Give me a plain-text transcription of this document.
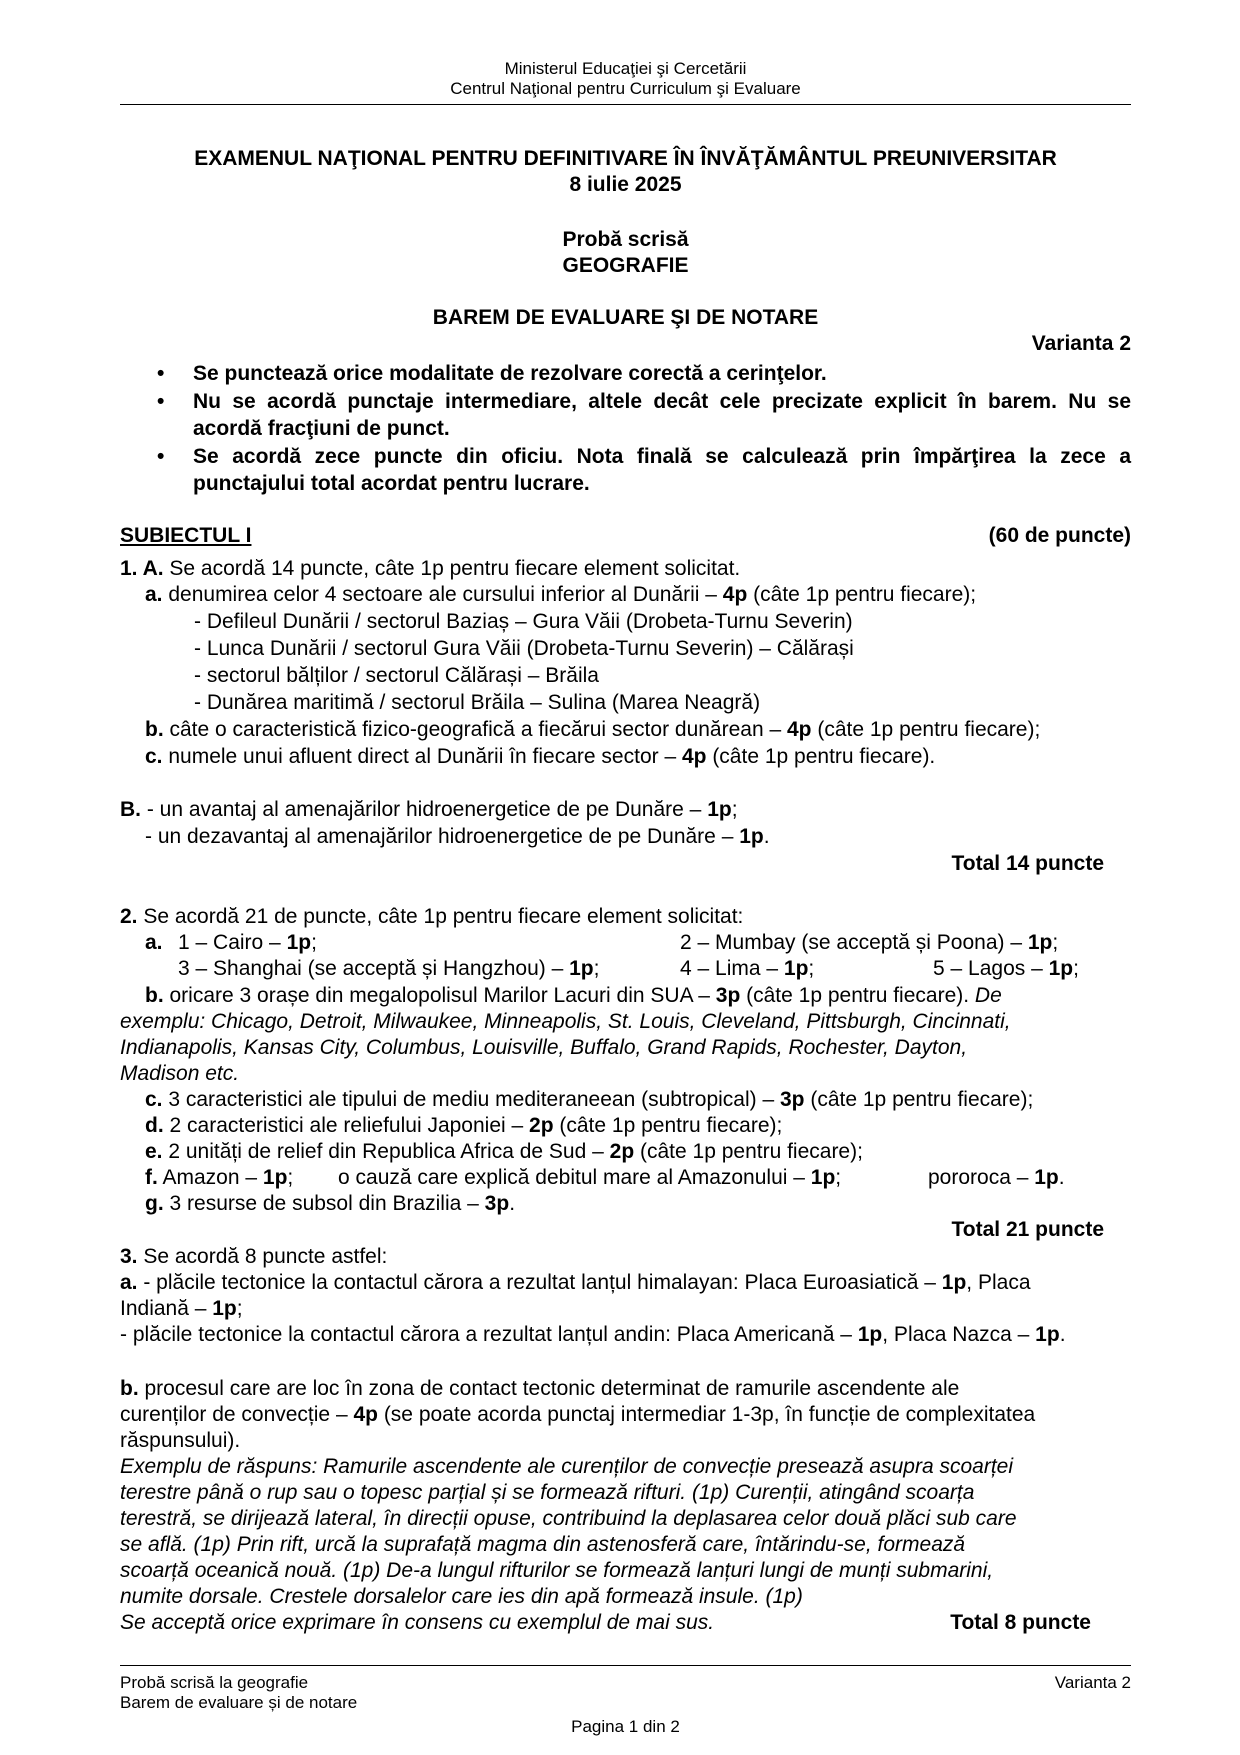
Ministerul Educaţiei şi Cercetării
Centrul Naţional pentru Curriculum şi Evaluare
EXAMENUL NAŢIONAL PENTRU DEFINITIVARE ÎN ÎNVĂŢĂMÂNTUL PREUNIVERSITAR
8 iulie 2025
Probă scrisă
GEOGRAFIE
BAREM DE EVALUARE ŞI DE NOTARE
Varianta 2
• Se punctează orice modalitate de rezolvare corectă a cerinţelor.
• Nu se acordă punctaje intermediare, altele decât cele precizate explicit în barem. Nu se acordă fracţiuni de punct.
• Se acordă zece puncte din oficiu. Nota finală se calculează prin împărţirea la zece a punctajului total acordat pentru lucrare.
SUBIECTUL I	(60 de puncte)
1. A. Se acordă 14 puncte, câte 1p pentru fiecare element solicitat.
a. denumirea celor 4 sectoare ale cursului inferior al Dunării – 4p (câte 1p pentru fiecare);
- Defileul Dunării / sectorul Baziaș – Gura Văii (Drobeta-Turnu Severin)
- Lunca Dunării / sectorul Gura Văii (Drobeta-Turnu Severin) – Călărași
- sectorul bălților / sectorul Călărași – Brăila
- Dunărea maritimă / sectorul Brăila – Sulina (Marea Neagră)
b. câte o caracteristică fizico-geografică a fiecărui sector dunărean – 4p (câte 1p pentru fiecare);
c. numele unui afluent direct al Dunării în fiecare sector – 4p (câte 1p pentru fiecare).
B. - un avantaj al amenajărilor hidroenergetice de pe Dunăre – 1p;
- un dezavantaj al amenajărilor hidroenergetice de pe Dunăre – 1p.
Total 14 puncte
2. Se acordă 21 de puncte, câte 1p pentru fiecare element solicitat:
a. 1 – Cairo – 1p;	2 – Mumbay (se acceptă și Poona) – 1p;
3 – Shanghai (se acceptă și Hangzhou) – 1p;	4 – Lima – 1p;	5 – Lagos – 1p;
b. oricare 3 orașe din megalopolisul Marilor Lacuri din SUA – 3p (câte 1p pentru fiecare). De
exemplu: Chicago, Detroit, Milwaukee, Minneapolis, St. Louis, Cleveland, Pittsburgh, Cincinnati,
Indianapolis, Kansas City, Columbus, Louisville, Buffalo, Grand Rapids, Rochester, Dayton,
Madison etc.
c. 3 caracteristici ale tipului de mediu mediteraneean (subtropical) – 3p (câte 1p pentru fiecare);
d. 2 caracteristici ale reliefului Japoniei – 2p (câte 1p pentru fiecare);
e. 2 unități de relief din Republica Africa de Sud – 2p (câte 1p pentru fiecare);
f. Amazon – 1p; o cauză care explică debitul mare al Amazonului – 1p;	pororoca – 1p.
g. 3 resurse de subsol din Brazilia – 3p.
Total 21 puncte
3. Se acordă 8 puncte astfel:
a. - plăcile tectonice la contactul cărora a rezultat lanțul himalayan: Placa Euroasiatică – 1p, Placa
Indiană – 1p;
- plăcile tectonice la contactul cărora a rezultat lanțul andin: Placa Americană – 1p, Placa Nazca – 1p.
b. procesul care are loc în zona de contact tectonic determinat de ramurile ascendente ale
curenților de convecție – 4p (se poate acorda punctaj intermediar 1-3p, în funcție de complexitatea
răspunsului).
Exemplu de răspuns: Ramurile ascendente ale curenților de convecție presează asupra scoarței
terestre până o rup sau o topesc parțial și se formează rifturi. (1p) Curenții, atingând scoarța
terestră, se dirijează lateral, în direcții opuse, contribuind la deplasarea celor două plăci sub care
se află. (1p) Prin rift, urcă la suprafață magma din astenosferă care, întărindu-se, formează
scoarță oceanică nouă. (1p) De-a lungul rifturilor se formează lanțuri lungi de munți submarini,
numite dorsale. Crestele dorsalelor care ies din apă formează insule. (1p)
Se acceptă orice exprimare în consens cu exemplul de mai sus.	Total 8 puncte
Probă scrisă la geografie
Barem de evaluare și de notare
Varianta 2
Pagina 1 din 2
